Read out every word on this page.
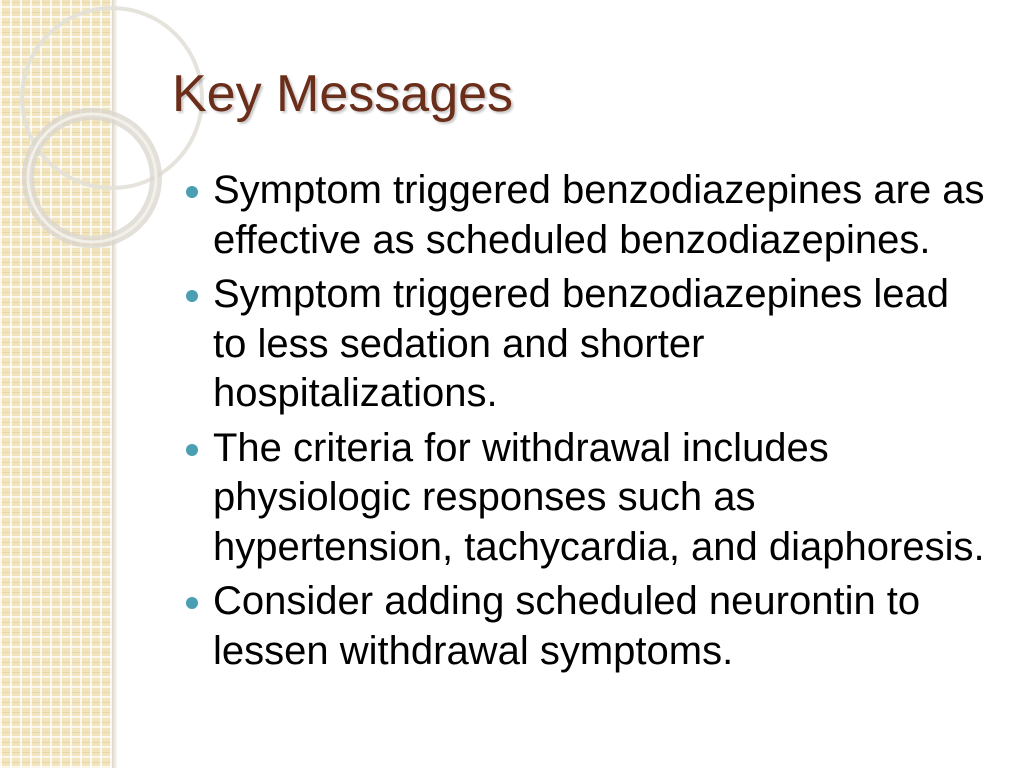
Key Messages
Symptom triggered benzodiazepines are as effective as scheduled benzodiazepines.
Symptom triggered benzodiazepines lead to less sedation and shorter hospitalizations.
The criteria for withdrawal includes physiologic responses such as hypertension, tachycardia, and diaphoresis.
Consider adding scheduled neurontin to lessen withdrawal symptoms.
